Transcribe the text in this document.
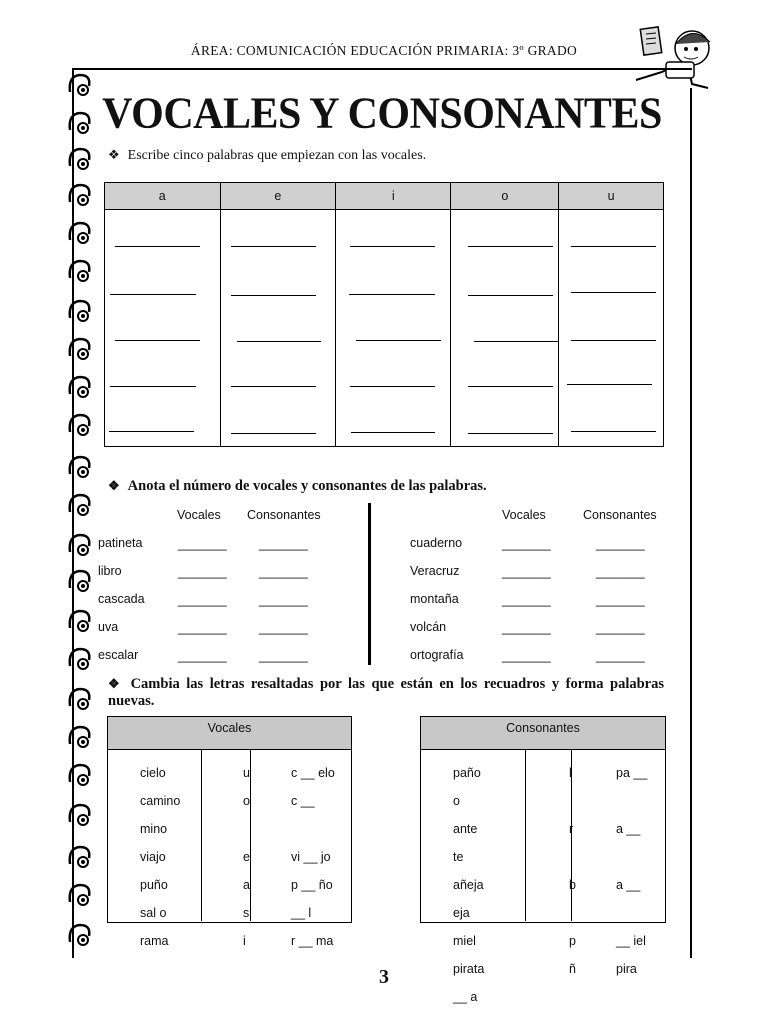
ÁREA: COMUNICACIÓN EDUCACIÓN PRIMARIA: 3º GRADO
VOCALES Y CONSONANTES
❖ Escribe cinco palabras que empiezan con las vocales.
a	e	i	o	u

❖ Anota el número de vocales y consonantes de las palabras.
Vocales Consonantes	Vocales	Consonantes
patineta	_______	_______
libro	_______	_______
cascada	_______	_______
uva	_______	_______
escalar	_______	_______
cuaderno	_______	_______
Veracruz	_______	_______
montaña	_______	_______
volcán	_______	_______
ortografía	_______	_______
❖ Cambia las letras resaltadas por las que están en los recuadros y forma palabras nuevas.
Vocales	Consonantes
cielo	u	c __ elo
camino	o	c __
mino
viajo	e	vi __ jo
puño	a	p __ ño
sal o	s	__ l
rama	i	r __ ma
paño	l	pa __
o
ante	r	a __
te
añeja	b	a __
eja
miel	p	__ iel
pirata	ñ	pira
__ a
3
